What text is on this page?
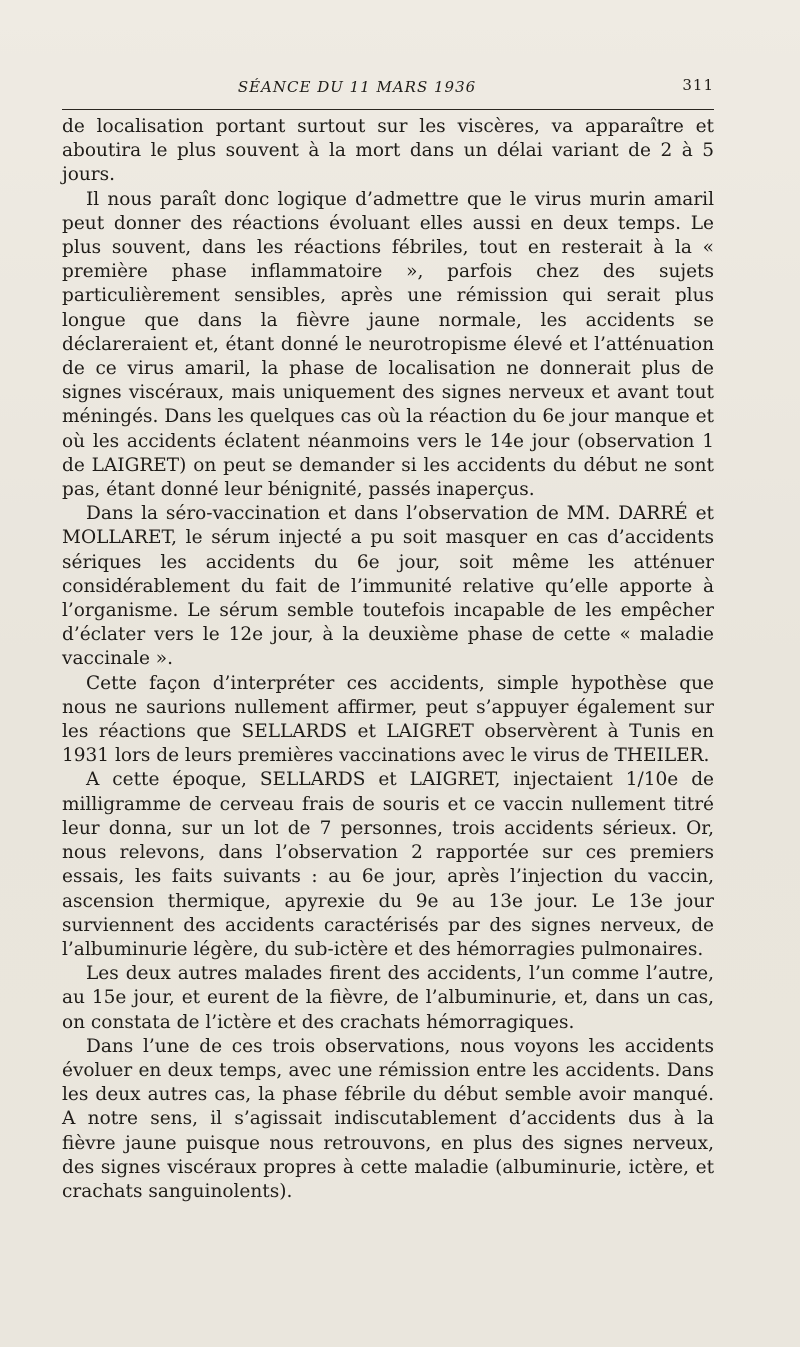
SÉANCE DU 11 MARS 1936	311

de localisation portant surtout sur les viscères, va apparaître et aboutira le plus souvent à la mort dans un délai variant de 2 à 5 jours.

Il nous paraît donc logique d’admettre que le virus murin amaril peut donner des réactions évoluant elles aussi en deux temps. Le plus souvent, dans les réactions fébriles, tout en resterait à la « première phase inflammatoire », parfois chez des sujets particulièrement sensibles, après une rémission qui serait plus longue que dans la fièvre jaune normale, les accidents se déclareraient et, étant donné le neurotropisme élevé et l’atténuation de ce virus amaril, la phase de localisation ne donnerait plus de signes viscéraux, mais uniquement des signes nerveux et avant tout méningés. Dans les quelques cas où la réaction du 6e jour manque et où les accidents éclatent néanmoins vers le 14e jour (observation 1 de LAIGRET) on peut se demander si les accidents du début ne sont pas, étant donné leur bénignité, passés inaperçus.

Dans la séro-vaccination et dans l’observation de MM. DARRÉ et MOLLARET, le sérum injecté a pu soit masquer en cas d’accidents sériques les accidents du 6e jour, soit même les atténuer considérablement du fait de l’immunité relative qu’elle apporte à l’organisme. Le sérum semble toutefois incapable de les empêcher d’éclater vers le 12e jour, à la deuxième phase de cette « maladie vaccinale ».

Cette façon d’interpréter ces accidents, simple hypothèse que nous ne saurions nullement affirmer, peut s’appuyer également sur les réactions que SELLARDS et LAIGRET observèrent à Tunis en 1931 lors de leurs premières vaccinations avec le virus de THEILER.

A cette époque, SELLARDS et LAIGRET, injectaient 1/10e de milligramme de cerveau frais de souris et ce vaccin nullement titré leur donna, sur un lot de 7 personnes, trois accidents sérieux. Or, nous relevons, dans l’observation 2 rapportée sur ces premiers essais, les faits suivants : au 6e jour, après l’injection du vaccin, ascension thermique, apyrexie du 9e au 13e jour. Le 13e jour surviennent des accidents caractérisés par des signes nerveux, de l’albuminurie légère, du sub-ictère et des hémorragies pulmonaires.

Les deux autres malades firent des accidents, l’un comme l’autre, au 15e jour, et eurent de la fièvre, de l’albuminurie, et, dans un cas, on constata de l’ictère et des crachats hémorragiques.

Dans l’une de ces trois observations, nous voyons les accidents évoluer en deux temps, avec une rémission entre les accidents. Dans les deux autres cas, la phase fébrile du début semble avoir manqué. A notre sens, il s’agissait indiscutablement d’accidents dus à la fièvre jaune puisque nous retrouvons, en plus des signes nerveux, des signes viscéraux propres à cette maladie (albuminurie, ictère, et crachats sanguinolents).
